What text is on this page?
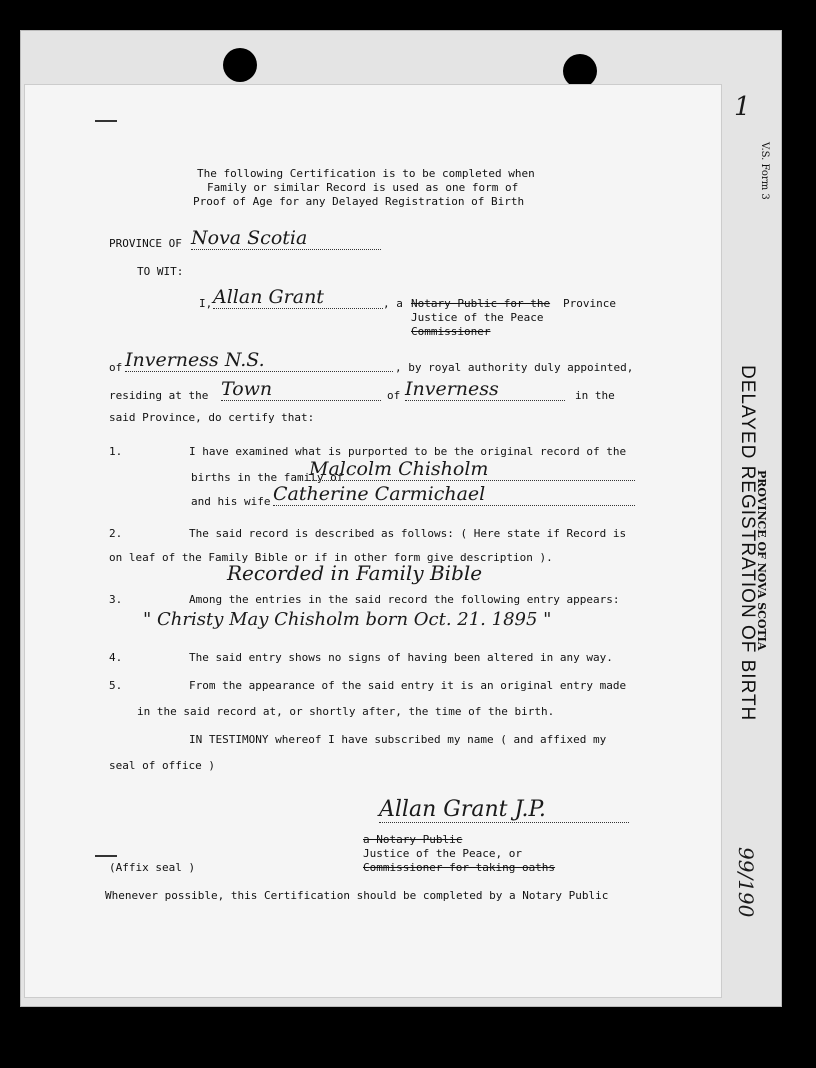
V.S. Form 3
PROVINCE OF NOVA SCOTIA
DELAYED REGISTRATION OF BIRTH
99/190
1
The following Certification is to be completed when
Family or similar Record is used as one form of
Proof of Age for any Delayed Registration of Birth
PROVINCE OF Nova Scotia
TO WIT:
I, Allan Grant	, a Notary Public for the Province
Justice of the Peace
Commissioner
of Inverness N.S.	, by royal authority duly appointed,
residing at the Town	of Inverness	in the
said Province, do certify that:
1.	I have examined what is purported to be the original record of the
births in the family of
Malcolm Chisholm
and his wife Catherine Carmichael
2.	The said record is described as follows: ( Here state if Record is
on leaf of the Family Bible or if in other form give description ).
Recorded in Family Bible
3.	Among the entries in the said record the following entry appears:
" Christy May Chisholm born Oct. 21. 1895 "
4.	The said entry shows no signs of having been altered in any way.
5.	From the appearance of the said entry it is an original entry made
in the said record at, or shortly after, the time of the birth.
IN TESTIMONY whereof I have subscribed my name ( and affixed my
seal of office )
Allan Grant J.P.
a Notary Public
Justice of the Peace, or
Commissioner for taking oaths
(Affix seal )
Whenever possible, this Certification should be completed by a Notary Public
